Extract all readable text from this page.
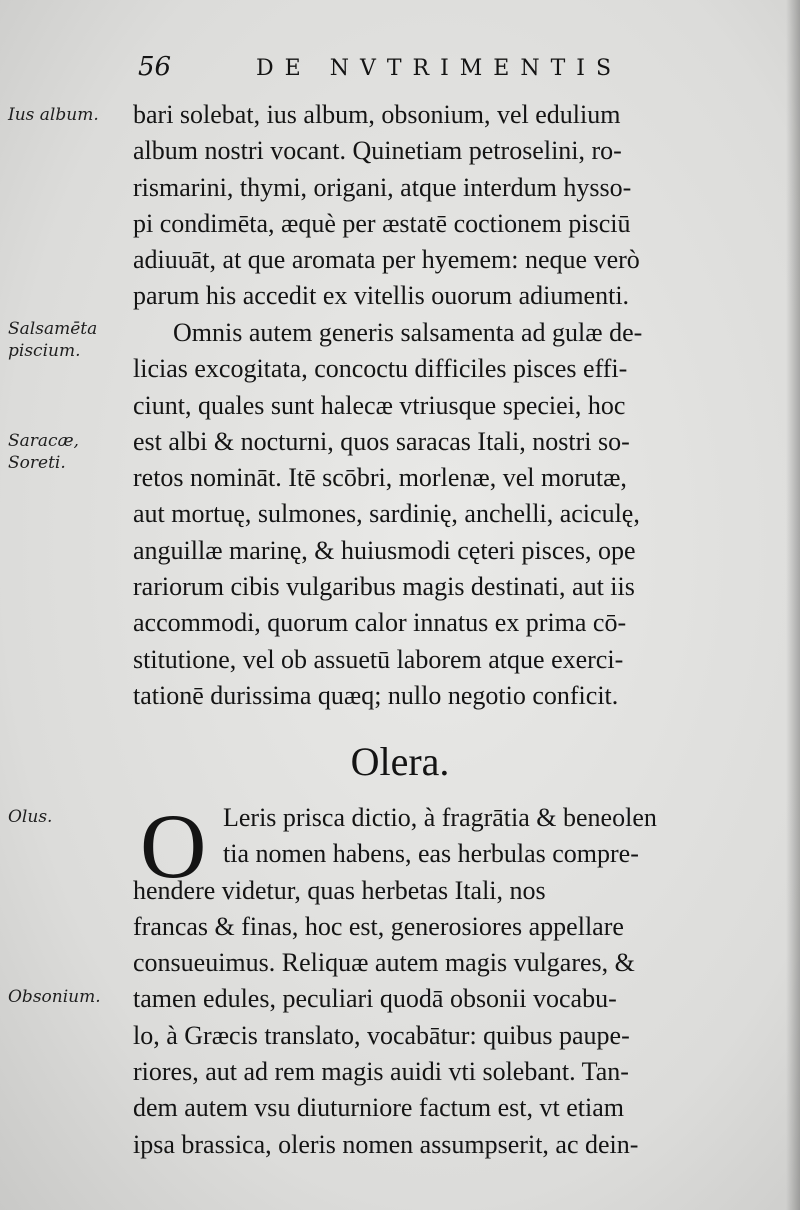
56	DE NVTRIMENTIS
Ius album.
Salsamēta piscium.
Saracæ, Soreti.
Olus.
Obsonium.
bari solebat, ius album, obsonium, vel edulium
album nostri vocant. Quinetiam petroselini, ro-
rismarini, thymi, origani, atque interdum hysso-
pi condimēta, æquè per æstatē coctionem pisciū
adiuuāt, at que aromata per hyemem: neque verò
parum his accedit ex vitellis ouorum adiumenti.
Omnis autem generis salsamenta ad gulæ de-
licias excogitata, concoctu difficiles pisces effi-
ciunt, quales sunt halecæ vtriusque speciei, hoc
est albi & nocturni, quos saracas Itali, nostri so-
retos nomināt. Itē scōbri, morlenæ, vel morutæ,
aut mortuę, sulmones, sardinię, anchelli, aciculę,
anguillæ marinę, & huiusmodi cęteri pisces, ope
rariorum cibis vulgaribus magis destinati, aut iis
accommodi, quorum calor innatus ex prima cō-
stitutione, vel ob assuetū laborem atque exerci-
tationē durissima quæq; nullo negotio conficit.
Olera.
O Leris prisca dictio, à fragrātia & beneolen
tia nomen habens, eas herbulas compre-
hendere videtur, quas herbetas Itali, nos
francas & finas, hoc est, generosiores appellare
consueuimus. Reliquæ autem magis vulgares, &
tamen edules, peculiari quodā obsonii vocabu-
lo, à Græcis translato, vocabātur: quibus paupe-
riores, aut ad rem magis auidi vti solebant. Tan-
dem autem vsu diuturniore factum est, vt etiam
ipsa brassica, oleris nomen assumpserit, ac dein-
